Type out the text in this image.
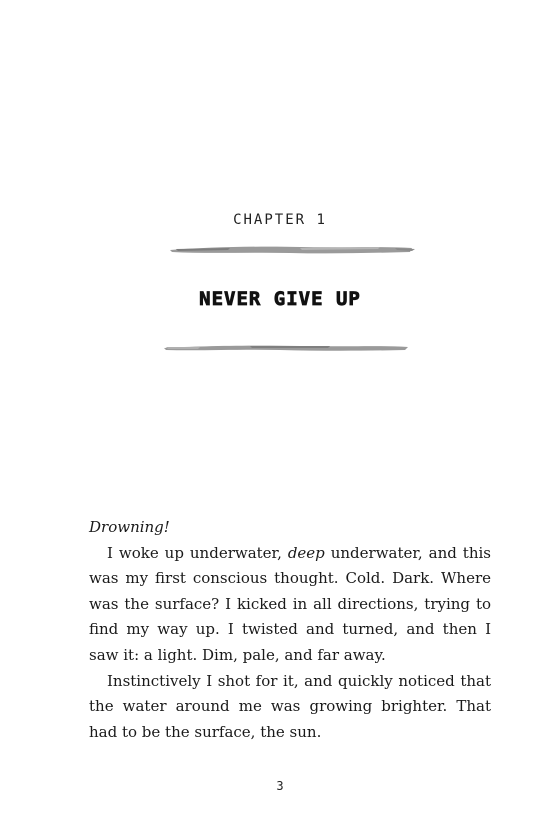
CHAPTER 1
NEVER GIVE UP

Drowning!

I woke up underwater, deep underwater, and this was my first conscious thought. Cold. Dark. Where was the surface? I kicked in all directions, trying to find my way up. I twisted and turned, and then I saw it: a light. Dim, pale, and far away.

Instinctively I shot for it, and quickly noticed that the water around me was growing brighter. That had to be the surface, the sun.

3
